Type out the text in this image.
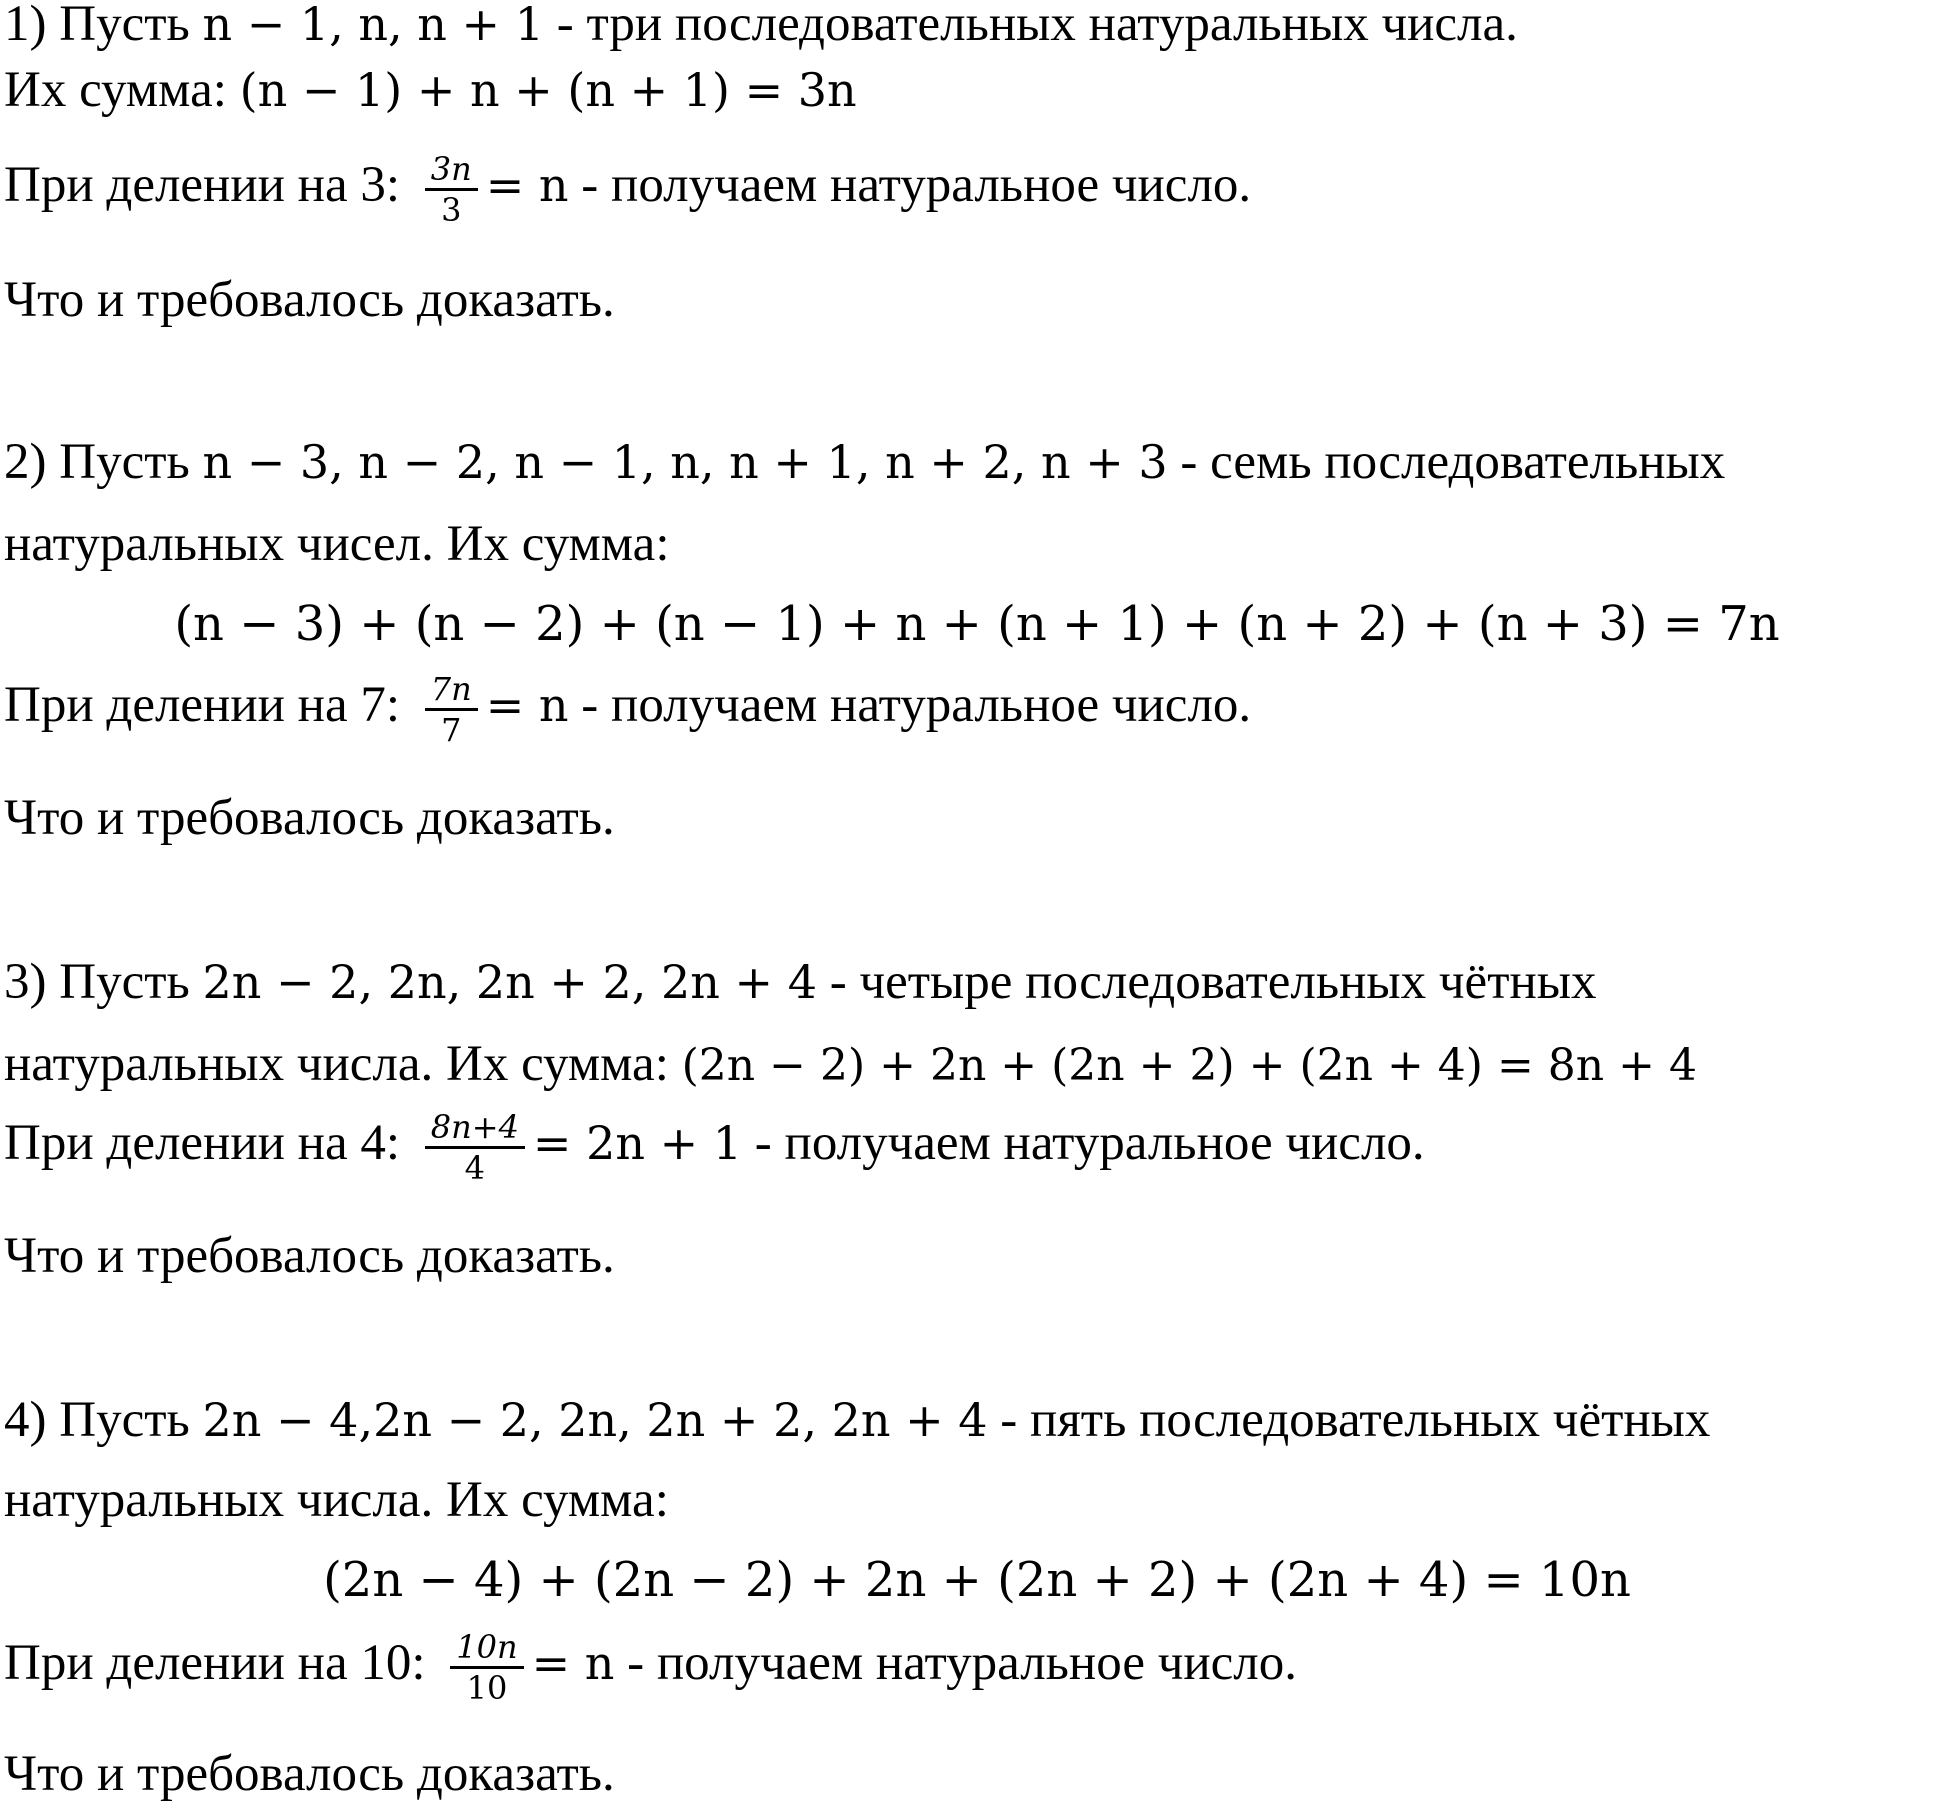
1) Пусть n − 1, n, n + 1 - три последовательных натуральных числа.
Их сумма: (n − 1) + n + (n + 1) = 3n
При делении на 3: $\frac{3n}{3} = n$ - получаем натуральное число.
Что и требовалось доказать.
2) Пусть n − 3, n − 2, n − 1, n, n + 1, n + 2, n + 3 - семь последовательных
натуральных чисел. Их сумма:
(n − 3) + (n − 2) + (n − 1) + n + (n + 1) + (n + 2) + (n + 3) = 7n
При делении на 7: $\frac{7n}{7} = n$ - получаем натуральное число.
Что и требовалось доказать.
3) Пусть 2n − 2, 2n, 2n + 2, 2n + 4 - четыре последовательных чётных
натуральных числа. Их сумма: (2n − 2) + 2n + (2n + 2) + (2n + 4) = 8n + 4
При делении на 4: $\frac{8n+4}{4} = 2n + 1$ - получаем натуральное число.
Что и требовалось доказать.
4) Пусть 2n − 4,2n − 2, 2n, 2n + 2, 2n + 4 - пять последовательных чётных
натуральных числа. Их сумма:
(2n − 4) + (2n − 2) + 2n + (2n + 2) + (2n + 4) = 10n
При делении на 10: $\frac{10n}{10} = n$ - получаем натуральное число.
Что и требовалось доказать.
